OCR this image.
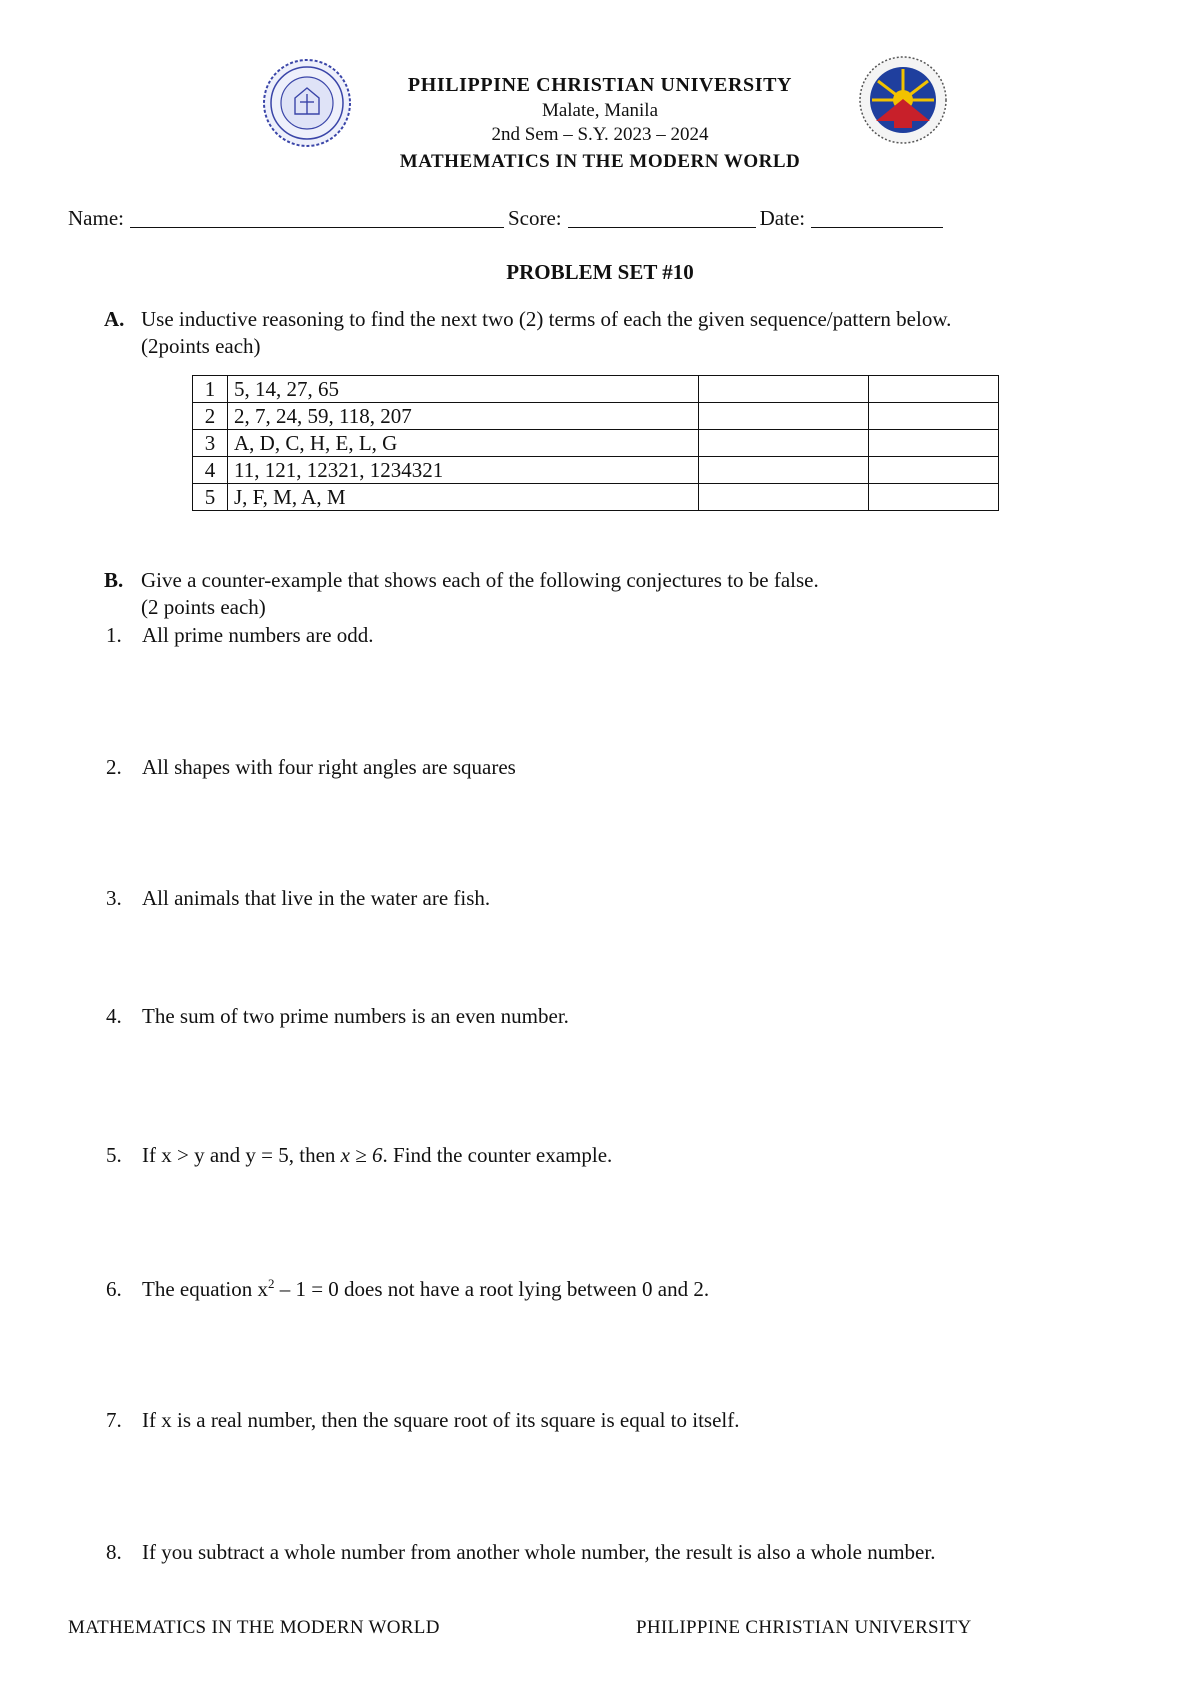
PHILIPPINE CHRISTIAN UNIVERSITY
Malate, Manila
2nd Sem – S.Y. 2023 – 2024
MATHEMATICS IN THE MODERN WORLD
Name:	Score:	Date:
PROBLEM SET #10
A. Use inductive reasoning to find the next two (2) terms of each the given sequence/pattern below.
(2points each)
1	5, 14, 27, 65		
2	2, 7, 24, 59, 118, 207		
3	A, D, C, H, E, L, G		
4	11, 121, 12321, 1234321		
5	J, F, M, A, M		
B. Give a counter-example that shows each of the following conjectures to be false.
(2 points each)
1. All prime numbers are odd.
2. All shapes with four right angles are squares
3. All animals that live in the water are fish.
4. The sum of two prime numbers is an even number.
5. If x > y and y = 5, then x ≥ 6. Find the counter example.
6. The equation $x^2 - 1 = 0$ does not have a root lying between 0 and 2.
7. If x is a real number, then the square root of its square is equal to itself.
8. If you subtract a whole number from another whole number, the result is also a whole number.
MATHEMATICS IN THE MODERN WORLD	PHILIPPINE CHRISTIAN UNIVERSITY
